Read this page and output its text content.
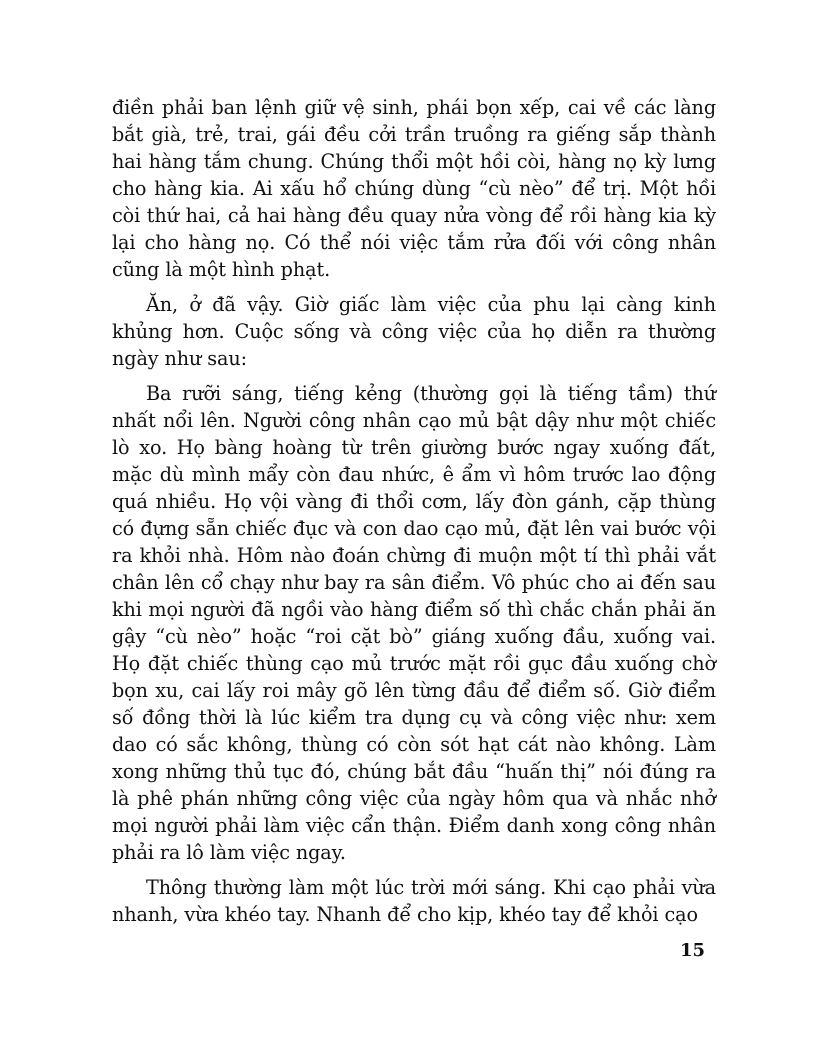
điền phải ban lệnh giữ vệ sinh, phái bọn xếp, cai về các làng bắt già, trẻ, trai, gái đều cởi trần truồng ra giếng sắp thành hai hàng tắm chung. Chúng thổi một hồi còi, hàng nọ kỳ lưng cho hàng kia. Ai xấu hổ chúng dùng “cù nèo” để trị. Một hồi còi thứ hai, cả hai hàng đều quay nửa vòng để rồi hàng kia kỳ lại cho hàng nọ. Có thể nói việc tắm rửa đối với công nhân cũng là một hình phạt.

Ăn, ở đã vậy. Giờ giấc làm việc của phu lại càng kinh khủng hơn. Cuộc sống và công việc của họ diễn ra thường ngày như sau:

Ba rưỡi sáng, tiếng kẻng (thường gọi là tiếng tầm) thứ nhất nổi lên. Người công nhân cạo mủ bật dậy như một chiếc lò xo. Họ bàng hoàng từ trên giường bước ngay xuống đất, mặc dù mình mẩy còn đau nhức, ê ẩm vì hôm trước lao động quá nhiều. Họ vội vàng đi thổi cơm, lấy đòn gánh, cặp thùng có đựng sẵn chiếc đục và con dao cạo mủ, đặt lên vai bước vội ra khỏi nhà. Hôm nào đoán chừng đi muộn một tí thì phải vắt chân lên cổ chạy như bay ra sân điểm. Vô phúc cho ai đến sau khi mọi người đã ngồi vào hàng điểm số thì chắc chắn phải ăn gậy “cù nèo” hoặc “roi cặt bò” giáng xuống đầu, xuống vai. Họ đặt chiếc thùng cạo mủ trước mặt rồi gục đầu xuống chờ bọn xu, cai lấy roi mây gõ lên từng đầu để điểm số. Giờ điểm số đồng thời là lúc kiểm tra dụng cụ và công việc như: xem dao có sắc không, thùng có còn sót hạt cát nào không. Làm xong những thủ tục đó, chúng bắt đầu “huấn thị” nói đúng ra là phê phán những công việc của ngày hôm qua và nhắc nhở mọi người phải làm việc cẩn thận. Điểm danh xong công nhân phải ra lô làm việc ngay.

Thông thường làm một lúc trời mới sáng. Khi cạo phải vừa nhanh, vừa khéo tay. Nhanh để cho kịp, khéo tay để khỏi cạo

15
